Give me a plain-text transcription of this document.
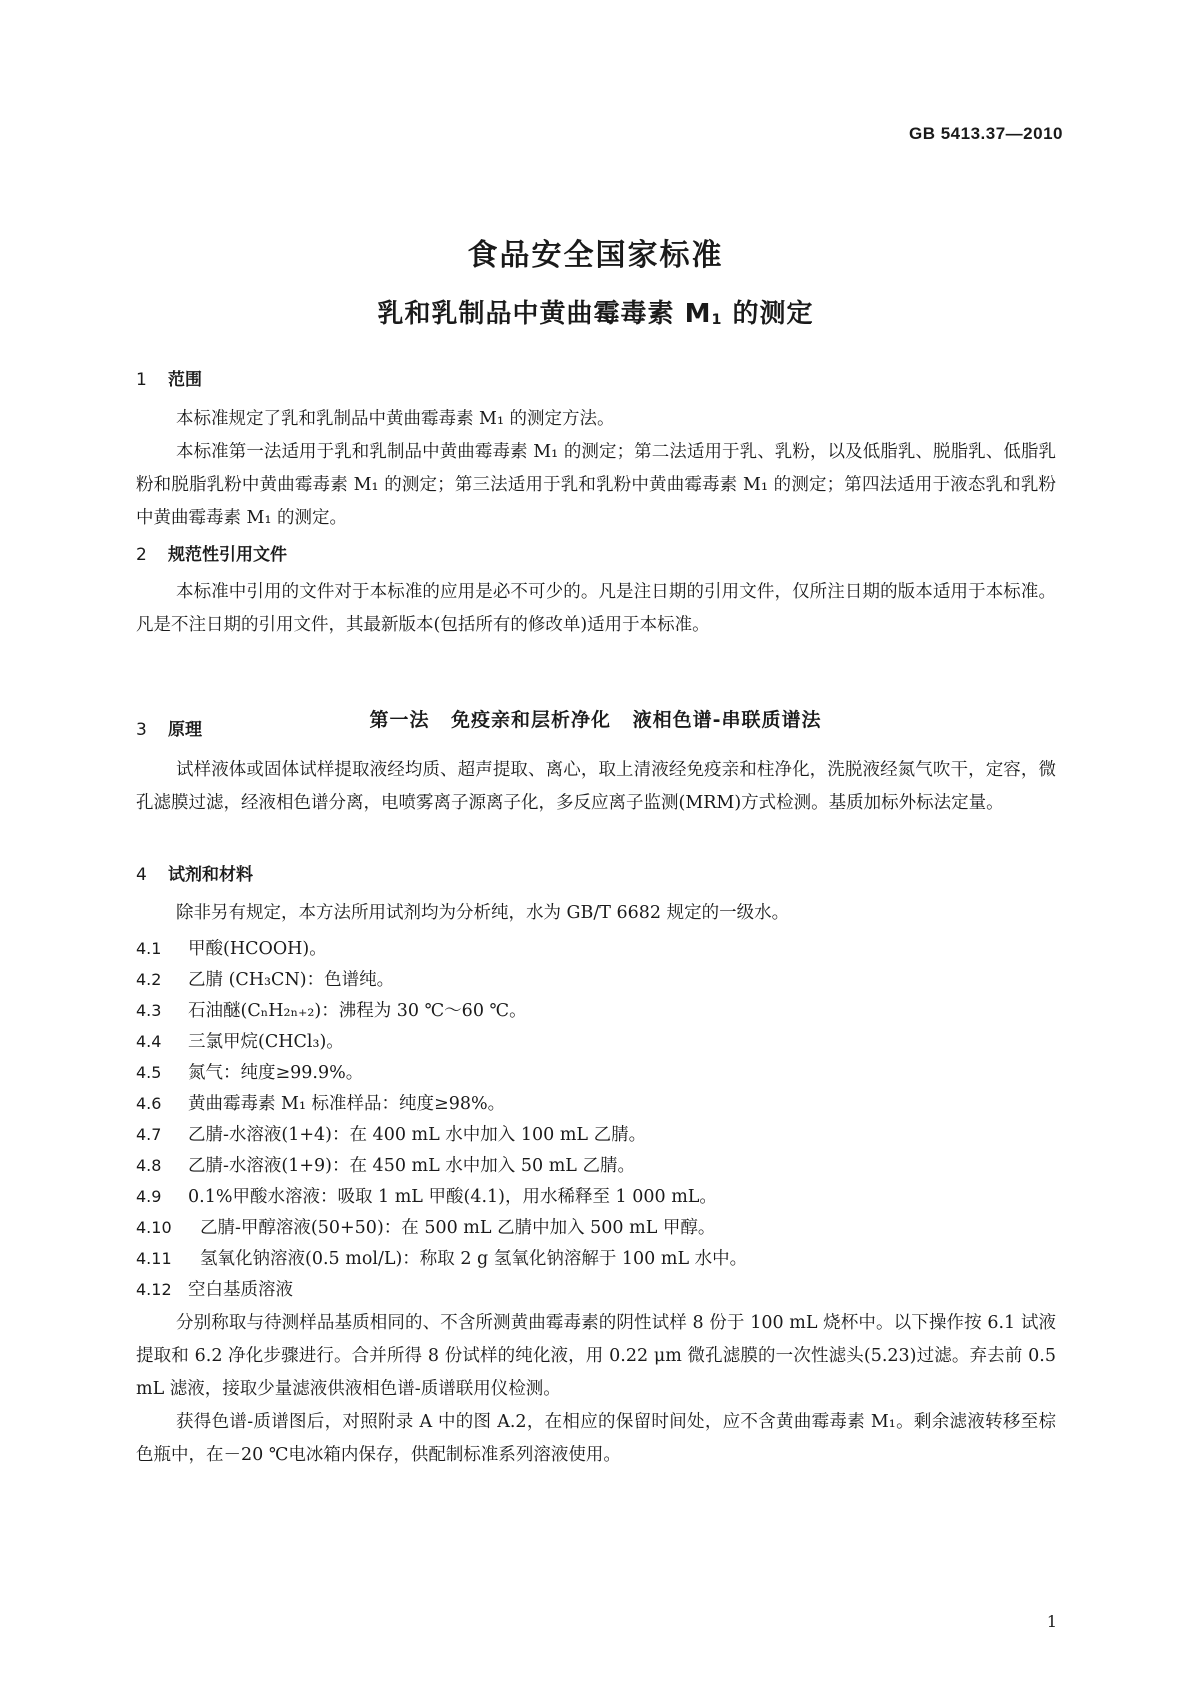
GB 5413.37—2010
食品安全国家标准
乳和乳制品中黄曲霉毒素 $M_1$ 的测定
1 范围

本标准规定了乳和乳制品中黄曲霉毒素 M₁ 的测定方法。

本标准第一法适用于乳和乳制品中黄曲霉毒素 M₁ 的测定；第二法适用于乳、乳粉，以及低脂乳、脱脂乳、低脂乳粉和脱脂乳粉中黄曲霉毒素 M₁ 的测定；第三法适用于乳和乳粉中黄曲霉毒素 M₁ 的测定；第四法适用于液态乳和乳粉中黄曲霉毒素 M₁ 的测定。

2 规范性引用文件

本标准中引用的文件对于本标准的应用是必不可少的。凡是注日期的引用文件，仅所注日期的版本适用于本标准。凡是不注日期的引用文件，其最新版本(包括所有的修改单)适用于本标准。

第一法 免疫亲和层析净化 液相色谱-串联质谱法
3 原理

试样液体或固体试样提取液经均质、超声提取、离心，取上清液经免疫亲和柱净化，洗脱液经氮气吹干，定容，微孔滤膜过滤，经液相色谱分离，电喷雾离子源离子化，多反应离子监测(MRM)方式检测。基质加标外标法定量。

4 试剂和材料

除非另有规定，本方法所用试剂均为分析纯，水为 GB/T 6682 规定的一级水。

4.1 甲酸(HCOOH)。
4.2 乙腈 (CH₃CN)：色谱纯。
4.3 石油醚(CₙH₂ₙ₊₂)：沸程为 30 ℃～60 ℃。
4.4 三氯甲烷(CHCl₃)。
4.5 氮气：纯度≥99.9%。
4.6 黄曲霉毒素 M₁ 标准样品：纯度≥98%。
4.7 乙腈-水溶液(1+4)：在 400 mL 水中加入 100 mL 乙腈。
4.8 乙腈-水溶液(1+9)：在 450 mL 水中加入 50 mL 乙腈。
4.9 0.1%甲酸水溶液：吸取 1 mL 甲酸(4.1)，用水稀释至 1 000 mL。
4.10 乙腈-甲醇溶液(50+50)：在 500 mL 乙腈中加入 500 mL 甲醇。
4.11 氢氧化钠溶液(0.5 mol/L)：称取 2 g 氢氧化钠溶解于 100 mL 水中。
4.12 空白基质溶液

分别称取与待测样品基质相同的、不含所测黄曲霉毒素的阴性试样 8 份于 100 mL 烧杯中。以下操作按 6.1 试液提取和 6.2 净化步骤进行。合并所得 8 份试样的纯化液，用 0.22 μm 微孔滤膜的一次性滤头(5.23)过滤。弃去前 0.5 mL 滤液，接取少量滤液供液相色谱-质谱联用仪检测。

获得色谱-质谱图后，对照附录 A 中的图 A.2，在相应的保留时间处，应不含黄曲霉毒素 M₁。剩余滤液转移至棕色瓶中，在－20 ℃电冰箱内保存，供配制标准系列溶液使用。

1
